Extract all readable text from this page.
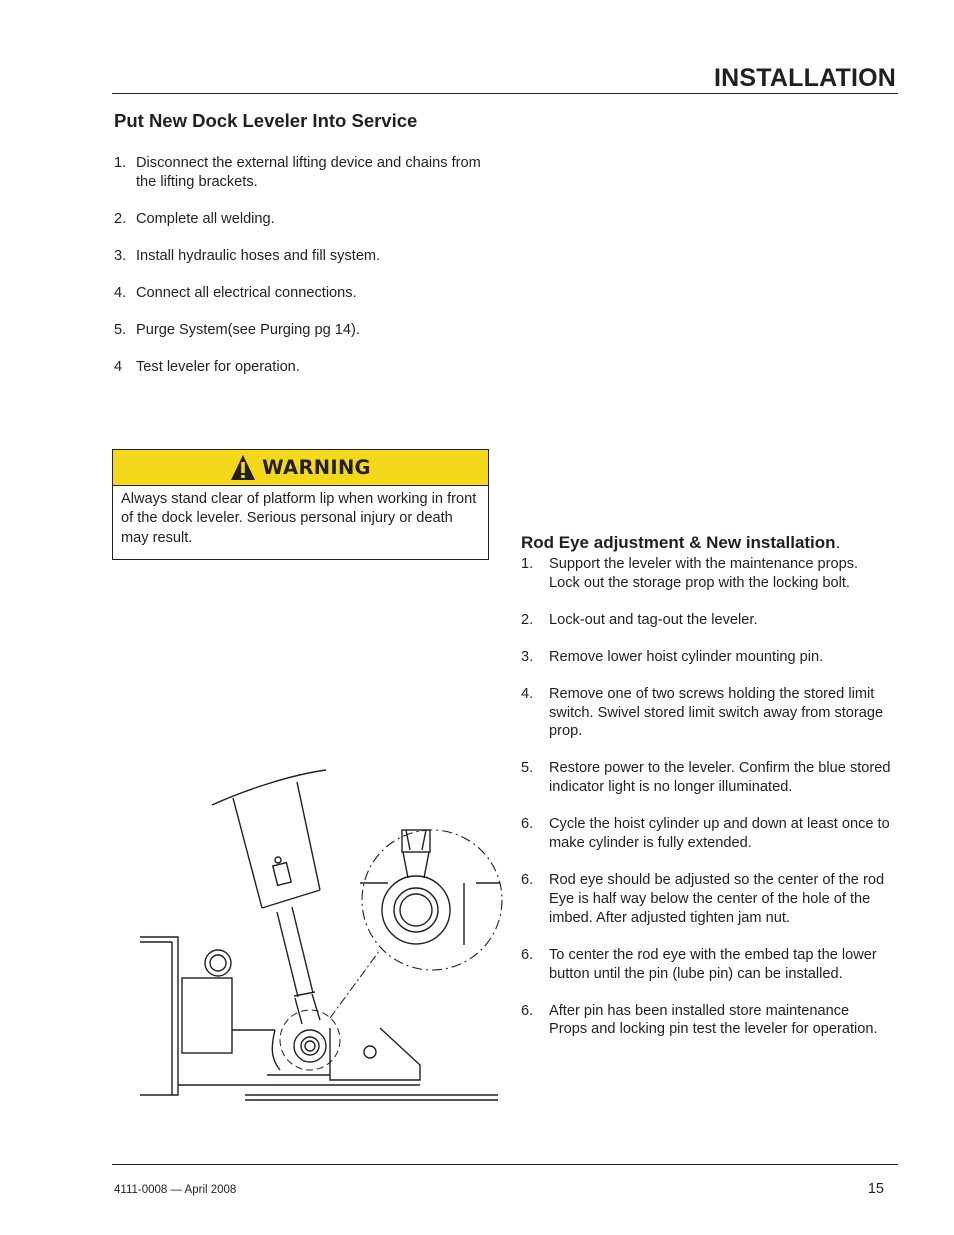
INSTALLATION
Put New Dock Leveler Into Service
1. Disconnect the external lifting device and chains from the lifting brackets.
2. Complete all welding.
3. Install hydraulic hoses and fill system.
4. Connect all electrical connections.
5. Purge System(see Purging pg 14).
4 Test leveler for operation.
WARNING
Always stand clear of platform lip when working in front of the dock leveler. Serious personal injury or death may result.	Rod Eye adjustment & New installation.
1. Support the leveler with the maintenance props. Lock out the storage prop with the locking bolt.
2. Lock-out and tag-out the leveler.
3. Remove lower hoist cylinder mounting pin.
4. Remove one of two screws holding the stored limit switch. Swivel stored limit switch away from storage prop.
5. Restore power to the leveler. Confirm the blue stored indicator light is no longer illuminated.
6. Cycle the hoist cylinder up and down at least once to make cylinder is fully extended.
6. Rod eye should be adjusted so the center of the rod Eye is half way below the center of the hole of the imbed. After adjusted tighten jam nut.
6. To center the rod eye with the embed tap the lower button until the pin (lube pin) can be installed.
6. After pin has been installed store maintenance Props and locking pin test the leveler for operation.
4111-0008 — April 2008	15
